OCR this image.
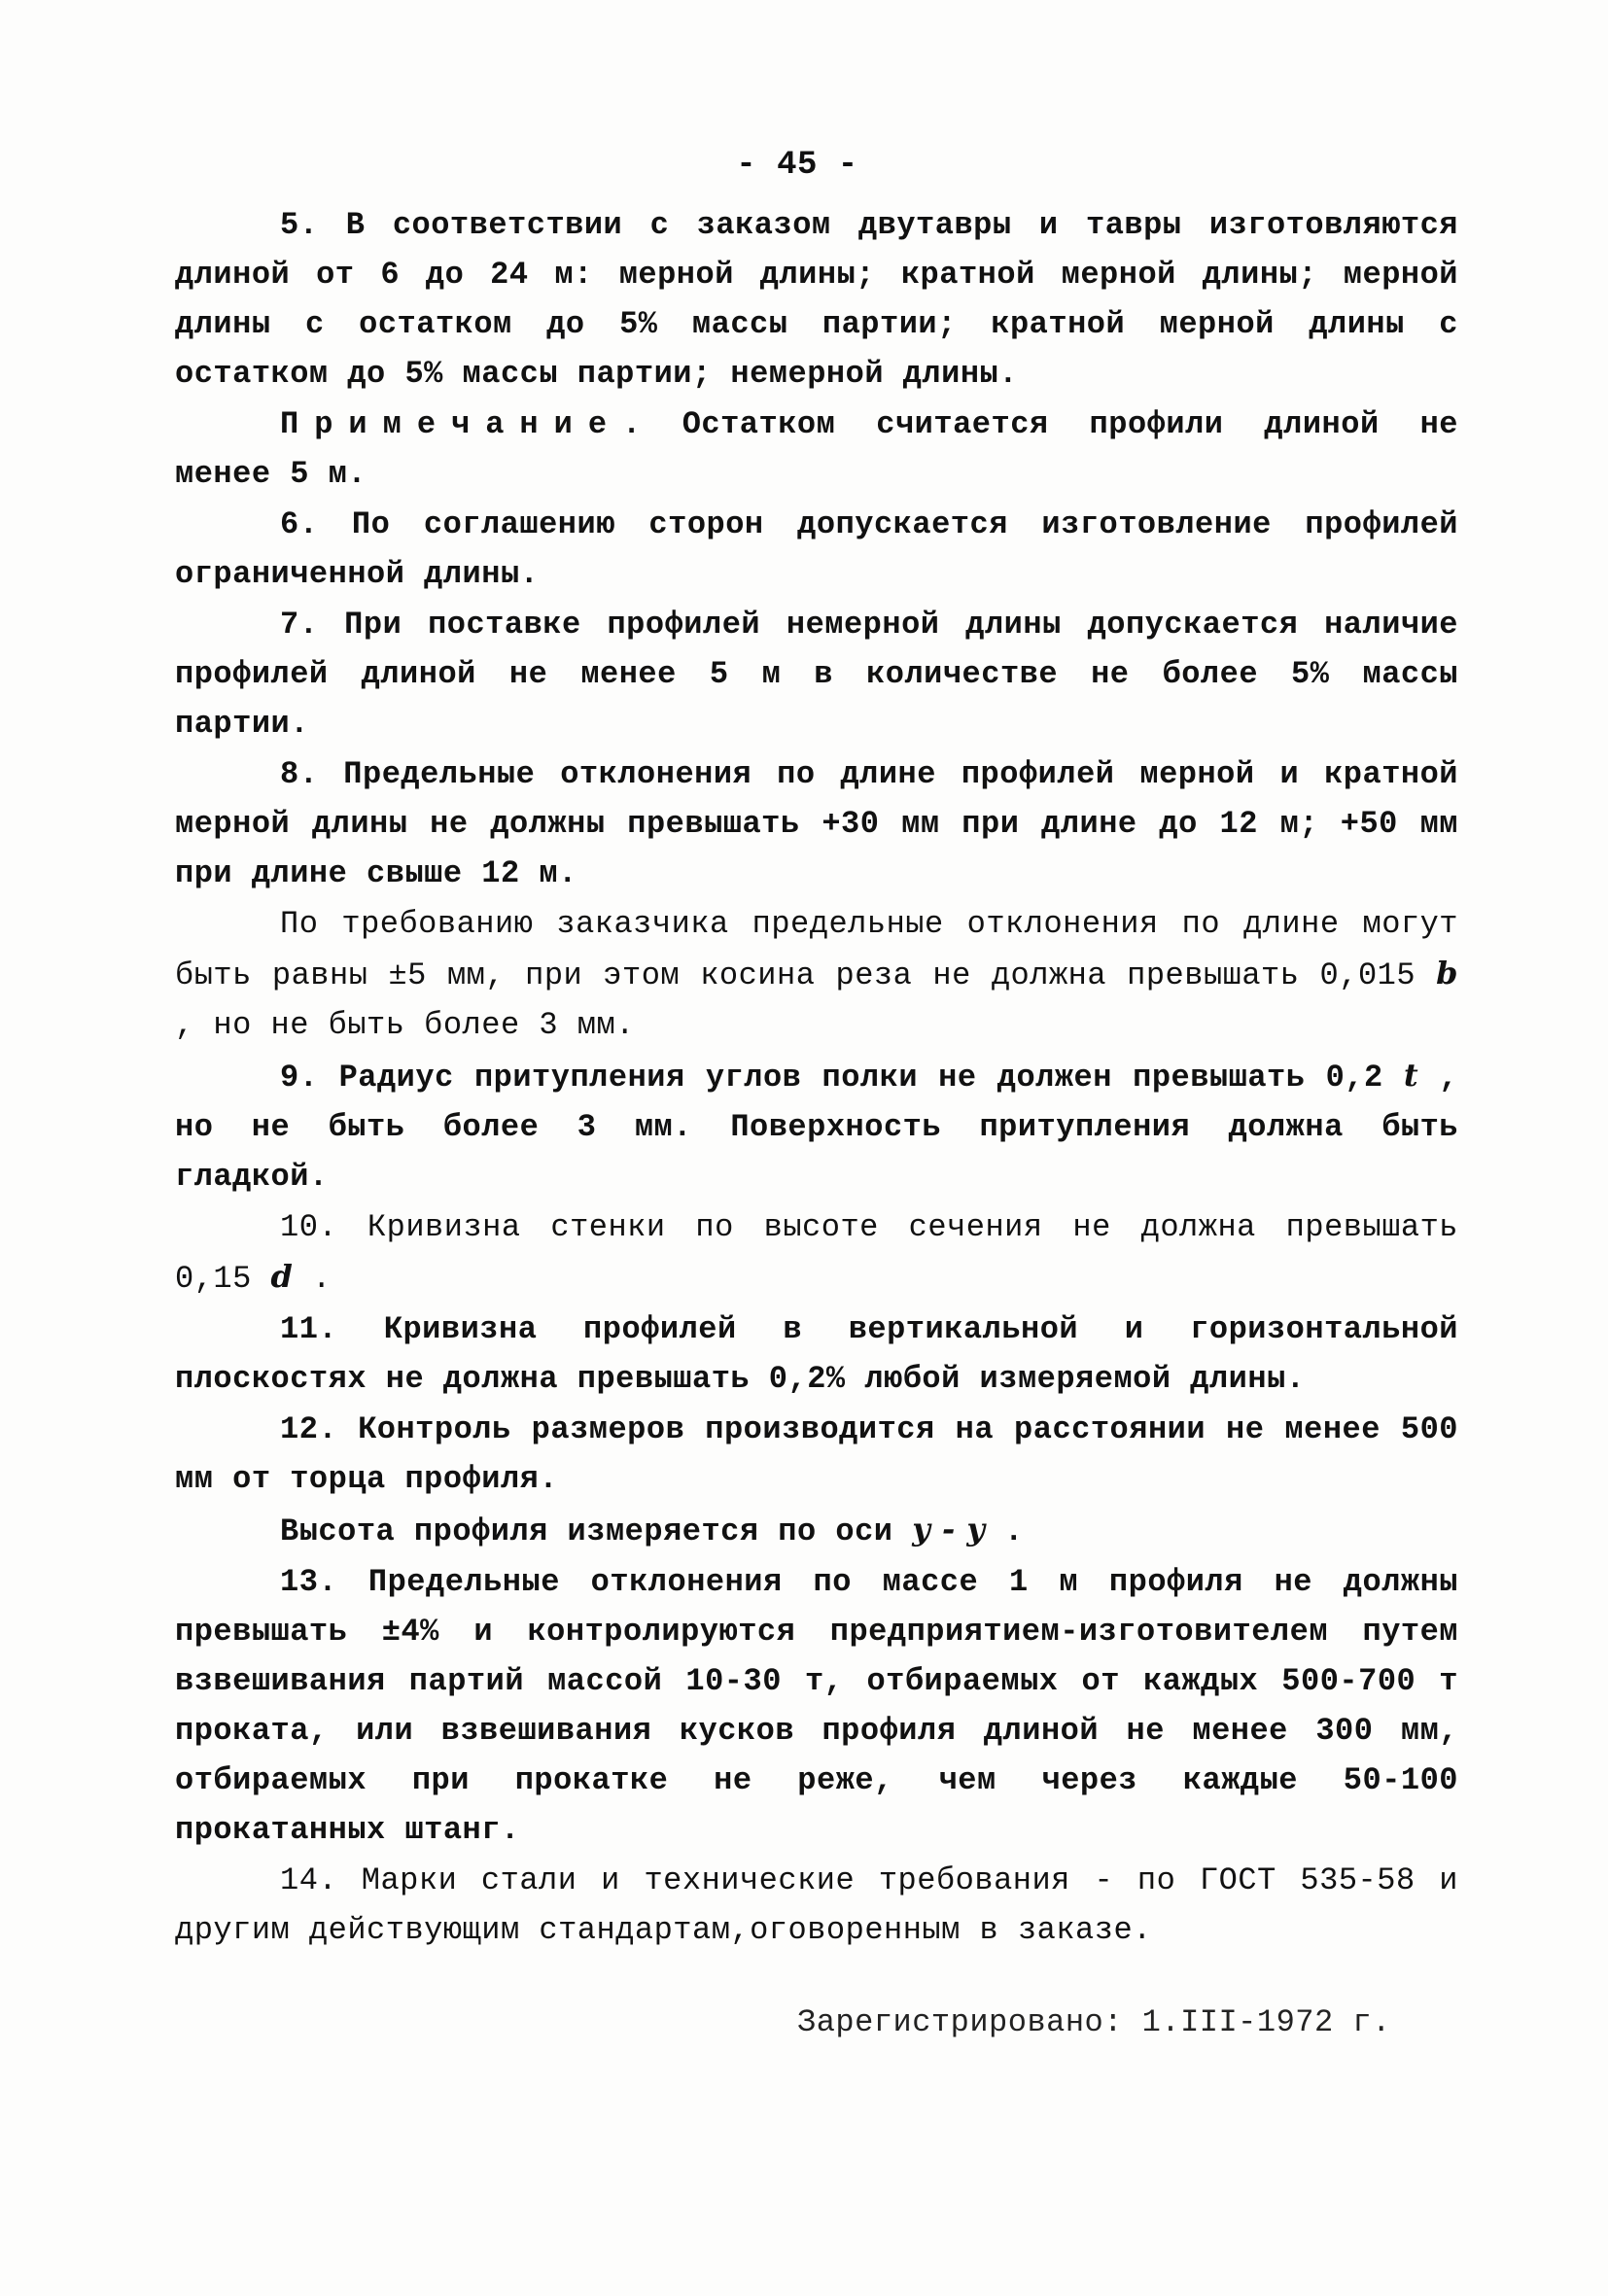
- 45 -

5. В соответствии с заказом двутавры и тавры изготовляются длиной от 6 до 24 м: мерной длины; кратной мерной длины; мерной длины с остатком до 5% массы партии; кратной мерной длины с остатком до 5% массы партии; немерной длины.

Примечание. Остатком считается профили длиной не менее 5 м.

6. По соглашению сторон допускается изготовление профилей ограниченной длины.

7. При поставке профилей немерной длины допускается наличие профилей длиной не менее 5 м в количестве не более 5% массы партии.

8. Предельные отклонения по длине профилей мерной и кратной мерной длины не должны превышать +30 мм при длине до 12 м; +50 мм при длине свыше 12 м.

По требованию заказчика предельные отклонения по длине могут быть равны ±5 мм, при этом косина реза не должна превышать 0,015 b , но не быть более 3 мм.

9. Радиус притупления углов полки не должен превышать 0,2 t , но не быть более 3 мм. Поверхность притупления должна быть гладкой.

10. Кривизна стенки по высоте сечения не должна превышать 0,15 d .

11. Кривизна профилей в вертикальной и горизонтальной плоскостях не должна превышать 0,2% любой измеряемой длины.

12. Контроль размеров производится на расстоянии не менее 500 мм от торца профиля.

Высота профиля измеряется по оси y - y .

13. Предельные отклонения по массе 1 м профиля не должны превышать ±4% и контролируются предприятием-изготовителем путем взвешивания партий массой 10-30 т, отбираемых от каждых 500-700 т проката, или взвешивания кусков профиля длиной не менее 300 мм, отбираемых при прокатке не реже, чем через каждые 50-100 прокатанных штанг.

14. Марки стали и технические требования - по ГОСТ 535-58 и другим действующим стандартам,оговоренным в заказе.

Зарегистрировано: 1.III-1972 г.
